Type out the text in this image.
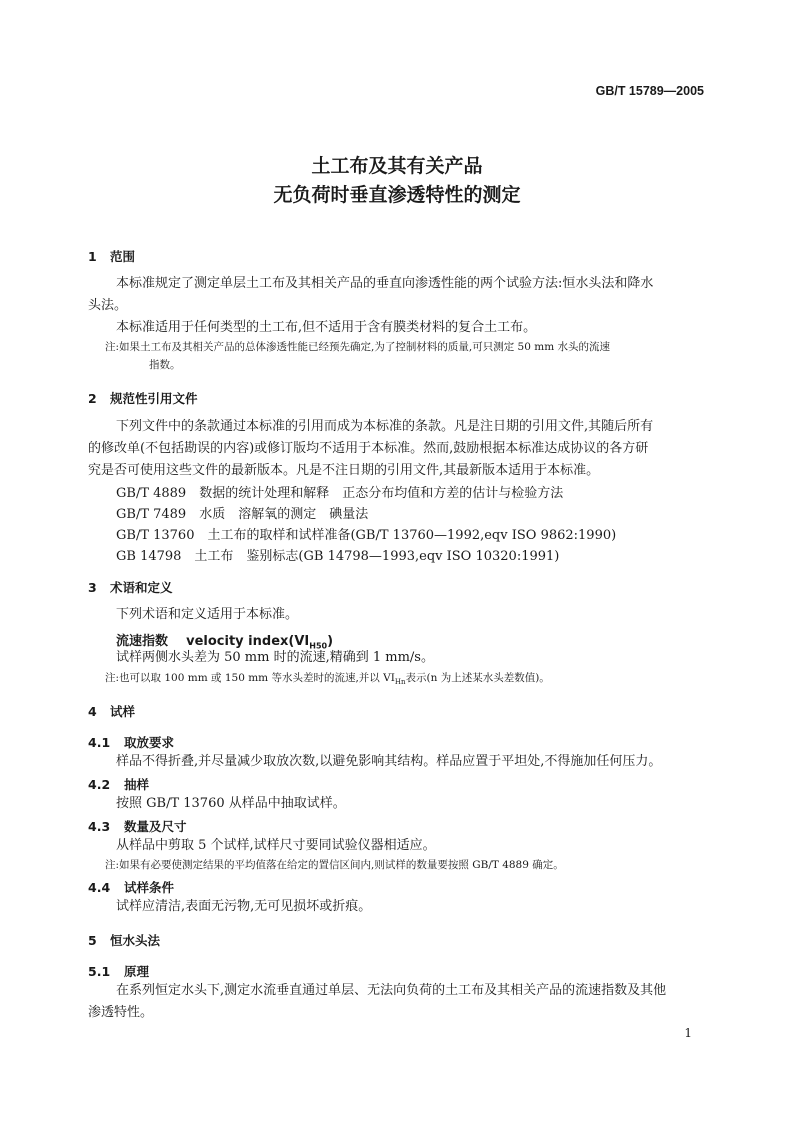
GB/T 15789—2005
土工布及其有关产品
无负荷时垂直渗透特性的测定
1 范围
本标准规定了测定单层土工布及其相关产品的垂直向渗透性能的两个试验方法:恒水头法和降水
头法。
本标准适用于任何类型的土工布,但不适用于含有膜类材料的复合土工布。
注:如果土工布及其相关产品的总体渗透性能已经预先确定,为了控制材料的质量,可只测定 50 mm 水头的流速
指数。
2 规范性引用文件
下列文件中的条款通过本标准的引用而成为本标准的条款。凡是注日期的引用文件,其随后所有
的修改单(不包括勘误的内容)或修订版均不适用于本标准。然而,鼓励根据本标准达成协议的各方研
究是否可使用这些文件的最新版本。凡是不注日期的引用文件,其最新版本适用于本标准。
GB/T 4889　数据的统计处理和解释　正态分布均值和方差的估计与检验方法
GB/T 7489　水质　溶解氧的测定　碘量法
GB/T 13760　土工布的取样和试样准备(GB/T 13760—1992,eqv ISO 9862:1990)
GB 14798　土工布　鉴别标志(GB 14798—1993,eqv ISO 10320:1991)
3 术语和定义
下列术语和定义适用于本标准。
流速指数 velocity $index(VI_{H50})$
试样两侧水头差为 50 mm 时的流速,精确到 1 mm/s。
注:也可以取 100 mm 或 150 mm 等水头差时的流速,并以 $VI_{Hn}$表示(n 为上述某水头差数值)。
4 试样
4.1 取放要求
样品不得折叠,并尽量减少取放次数,以避免影响其结构。样品应置于平坦处,不得施加任何压力。
4.2 抽样
按照 GB/T 13760 从样品中抽取试样。
4.3 数量及尺寸
从样品中剪取 5 个试样,试样尺寸要同试验仪器相适应。
注:如果有必要使测定结果的平均值落在给定的置信区间内,则试样的数量要按照 GB/T 4889 确定。
4.4 试样条件
试样应清洁,表面无污物,无可见损坏或折痕。
5 恒水头法
5.1 原理
在系列恒定水头下,测定水流垂直通过单层、无法向负荷的土工布及其相关产品的流速指数及其他
渗透特性。
1
